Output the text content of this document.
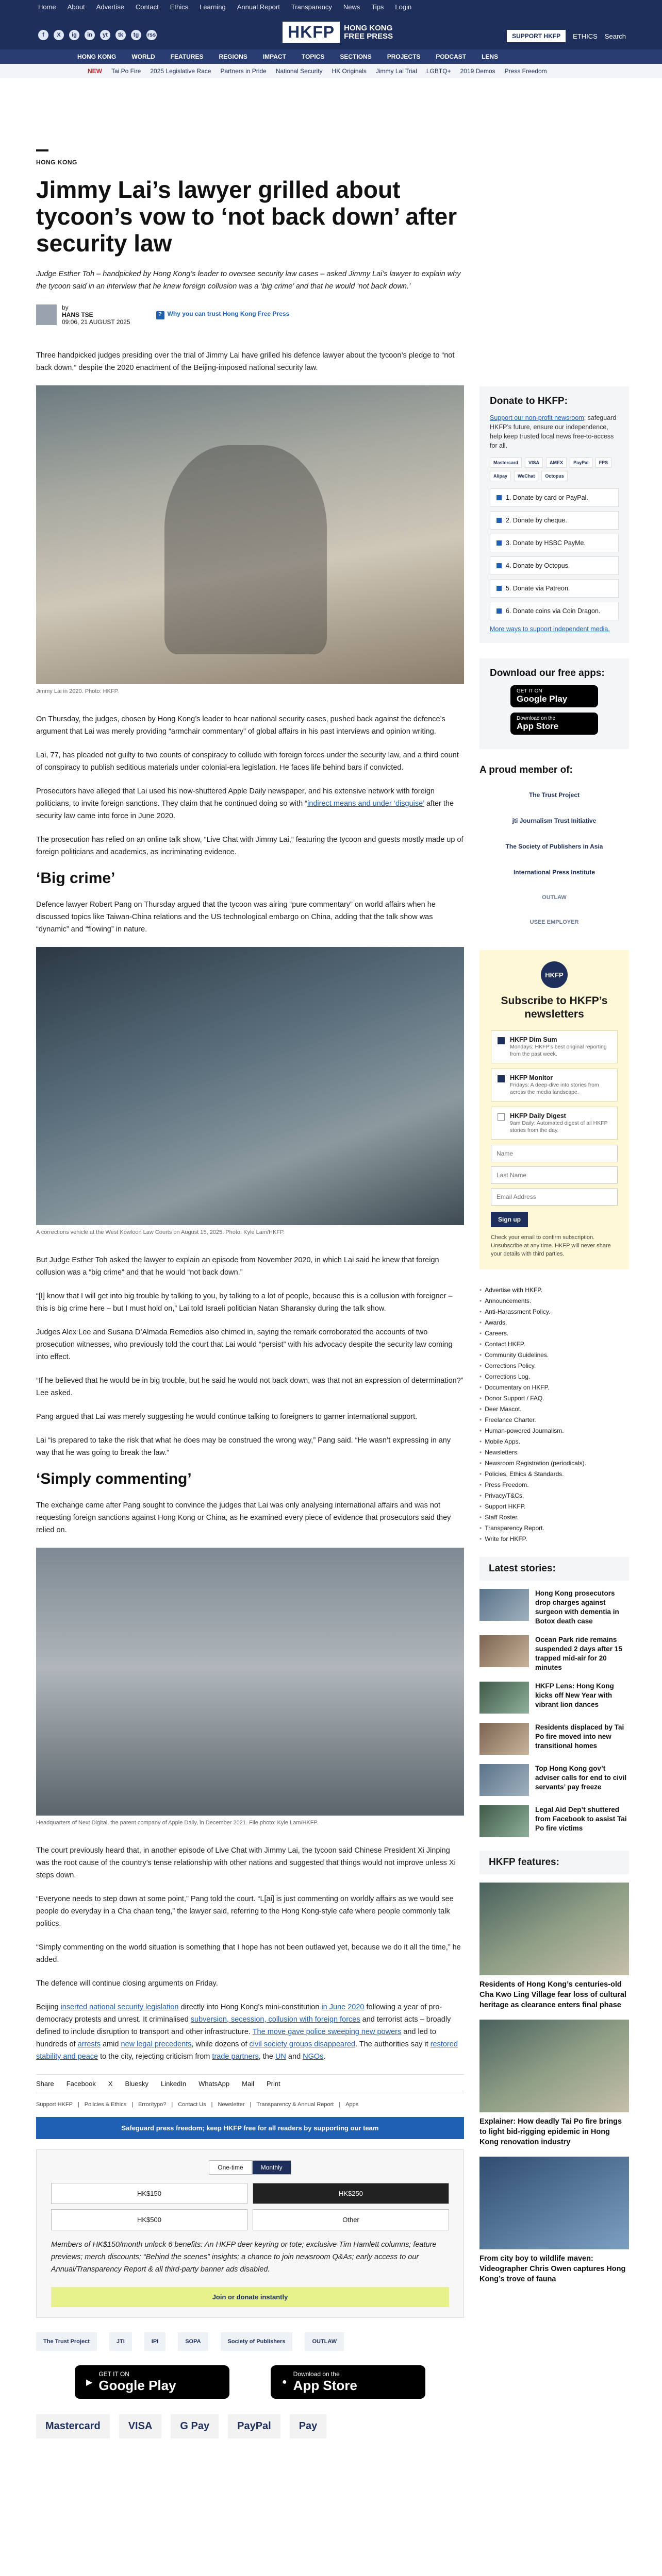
Home About Advertise Contact Ethics Learning Annual Report Transparency News Tips Login
f	X	ig	in	yt	tk	tg	rss	HKFP	HONG KONG
FREE PRESS	SUPPORT HKFP	ETHICS Search
HONG KONG	WORLD	FEATURES	REGIONS	IMPACT	TOPICS	SECTIONS	PROJECTS	PODCAST	LENS
NEW Tai Po Fire 2025 Legislative Race Partners in Pride National Security HK Originals Jimmy Lai Trial LGBTQ+ 2019 Demos Press Freedom
HONG KONG
Jimmy Lai’s lawyer grilled about tycoon’s vow to ‘not back down’ after security law

Judge Esther Toh – handpicked by Hong Kong’s leader to oversee security law cases – asked Jimmy Lai’s lawyer to explain why the tycoon said in an interview that he knew foreign collusion was a ‘big crime’ and that he would ‘not back down.’

by
HANS TSE
09:06, 21 AUGUST 2025
? Why you can trust Hong Kong Free Press

Three handpicked judges presiding over the trial of Jimmy Lai have grilled his defence lawyer about the tycoon’s pledge to “not back down,” despite the 2020 enactment of the Beijing-imposed national security law.

Jimmy Lai in 2020. Photo: HKFP.

On Thursday, the judges, chosen by Hong Kong’s leader to hear national security cases, pushed back against the defence’s argument that Lai was merely providing “armchair commentary” of global affairs in his past interviews and opinion writing.

Lai, 77, has pleaded not guilty to two counts of conspiracy to collude with foreign forces under the security law, and a third count of conspiracy to publish seditious materials under colonial-era legislation. He faces life behind bars if convicted.

Prosecutors have alleged that Lai used his now-shuttered Apple Daily newspaper, and his extensive network with foreign politicians, to invite foreign sanctions. They claim that he continued doing so with “indirect means and under ‘disguise’ after the security law came into force in June 2020.

The prosecution has relied on an online talk show, “Live Chat with Jimmy Lai,” featuring the tycoon and guests mostly made up of foreign politicians and academics, as incriminating evidence.

‘Big crime’

Defence lawyer Robert Pang on Thursday argued that the tycoon was airing “pure commentary” on world affairs when he discussed topics like Taiwan-China relations and the US technological embargo on China, adding that the talk show was “dynamic” and “flowing” in nature.

A corrections vehicle at the West Kowloon Law Courts on August 15, 2025. Photo: Kyle Lam/HKFP.

But Judge Esther Toh asked the lawyer to explain an episode from November 2020, in which Lai said he knew that foreign collusion was a “big crime” and that he would “not back down.”

“[I] know that I will get into big trouble by talking to you, by talking to a lot of people, because this is a collusion with foreigner – this is big crime here – but I must hold on,” Lai told Israeli politician Natan Sharansky during the talk show.

Judges Alex Lee and Susana D’Almada Remedios also chimed in, saying the remark corroborated the accounts of two prosecution witnesses, who previously told the court that Lai would “persist” with his advocacy despite the security law coming into effect.

“If he believed that he would be in big trouble, but he said he would not back down, was that not an expression of determination?” Lee asked.

Pang argued that Lai was merely suggesting he would continue talking to foreigners to garner international support.

Lai “is prepared to take the risk that what he does may be construed the wrong way,” Pang said. “He wasn’t expressing in any way that he was going to break the law.”

‘Simply commenting’

The exchange came after Pang sought to convince the judges that Lai was only analysing international affairs and was not requesting foreign sanctions against Hong Kong or China, as he examined every piece of evidence that prosecutors said they relied on.

Headquarters of Next Digital, the parent company of Apple Daily, in December 2021. File photo: Kyle Lam/HKFP.

The court previously heard that, in another episode of Live Chat with Jimmy Lai, the tycoon said Chinese President Xi Jinping was the root cause of the country’s tense relationship with other nations and suggested that things would not improve unless Xi steps down.

“Everyone needs to step down at some point,” Pang told the court. “L[ai] is just commenting on worldly affairs as we would see people do everyday in a Cha chaan teng,” the lawyer said, referring to the Hong Kong-style cafe where people commonly talk politics.

“Simply commenting on the world situation is something that I hope has not been outlawed yet, because we do it all the time,” he added.

The defence will continue closing arguments on Friday.

Beijing inserted national security legislation directly into Hong Kong’s mini-constitution in June 2020 following a year of pro-democracy protests and unrest. It criminalised subversion, secession, collusion with foreign forces and terrorist acts – broadly defined to include disruption to transport and other infrastructure. The move gave police sweeping new powers and led to hundreds of arrests amid new legal precedents, while dozens of civil society groups disappeared. The authorities say it restored stability and peace to the city, rejecting criticism from trade partners, the UN and NGOs.

Share Facebook X Bluesky LinkedIn WhatsApp Mail Print
Support HKFP | Policies & Ethics | Error/typo? | Contact Us | Newsletter | Transparency & Annual Report | Apps
Safeguard press freedom; keep HKFP free for all readers by supporting our team
One-time	Monthly
HK$150	HK$250
HK$500	Other

Members of HK$150/month unlock 6 benefits: An HKFP deer keyring or tote; exclusive Tim Hamlett columns; feature previews; merch discounts; “Behind the scenes” insights; a chance to join newsroom Q&As; early access to our Annual/Transparency Report & all third-party banner ads disabled.

Join or donate instantly
The Trust Project	JTI	IPI	SOPA	Society of Publishers	OUTLAW
▶
GET IT ON
Google Play	●
Download on the
App Store
Mastercard	VISA	G Pay	PayPal	Pay
Donate to HKFP:

Support our non-profit newsroom; safeguard HKFP’s future, ensure our independence, help keep trusted local news free-to-access for all.

Mastercard	VISA	AMEX	PayPal	FPS
Alipay	WeChat	Octopus
1. Donate by card or PayPal.
2. Donate by cheque.
3. Donate by HSBC PayMe.
4. Donate by Octopus.
5. Donate via Patreon.
6. Donate coins via Coin Dragon.
More ways to support independent media.
Download our free apps:
GET IT ON
Google Play
Download on the
App Store
A proud member of:
The Trust Project
jti Journalism Trust Initiative
The Society of Publishers in Asia
International Press Institute
OUTLAW
USEE EMPLOYER
HKFP
Subscribe to HKFP’s newsletters
HKFP Dim Sum
Mondays: HKFP’s best original reporting from the past week.
HKFP Monitor
Fridays: A deep-dive into stories from across the media landscape.
HKFP Daily Digest
9am Daily: Automated digest of all HKFP stories from the day.
Name Last Name Email Address Sign up

Check your email to confirm subscription. Unsubscribe at any time. HKFP will never share your details with third parties.

• Advertise with HKFP.
• Announcements.
• Anti-Harassment Policy.
• Awards.
• Careers.
• Contact HKFP.
• Community Guidelines.
• Corrections Policy.
• Corrections Log.
• Documentary on HKFP.
• Donor Support / FAQ.
• Deer Mascot.
• Freelance Charter.
• Human-powered Journalism.
• Mobile Apps.
• Newsletters.
• Newsroom Registration (periodicals).
• Policies, Ethics & Standards.
• Press Freedom.
• Privacy/T&Cs.
• Support HKFP.
• Staff Roster.
• Transparency Report.
• Write for HKFP.
Latest stories:
Hong Kong prosecutors drop charges against surgeon with dementia in Botox death case
Ocean Park ride remains suspended 2 days after 15 trapped mid-air for 20 minutes
HKFP Lens: Hong Kong kicks off New Year with vibrant lion dances
Residents displaced by Tai Po fire moved into new transitional homes
Top Hong Kong gov’t adviser calls for end to civil servants’ pay freeze
Legal Aid Dep’t shuttered from Facebook to assist Tai Po fire victims
HKFP features:
Residents of Hong Kong’s centuries-old Cha Kwo Ling Village fear loss of cultural heritage as clearance enters final phase
Explainer: How deadly Tai Po fire brings to light bid-rigging epidemic in Hong Kong renovation industry
From city boy to wildlife maven: Videographer Chris Owen captures Hong Kong’s trove of fauna
